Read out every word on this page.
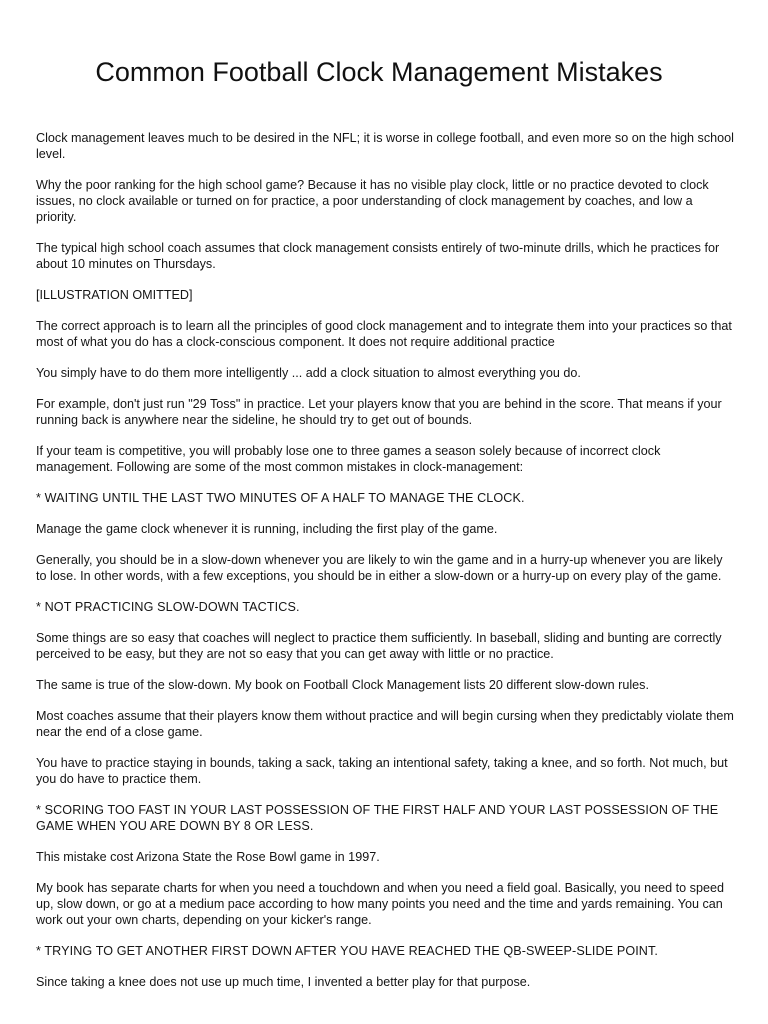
Common Football Clock Management Mistakes

Clock management leaves much to be desired in the NFL; it is worse in college football, and even more so on the high school level.

Why the poor ranking for the high school game? Because it has no visible play clock, little or no practice devoted to clock issues, no clock available or turned on for practice, a poor understanding of clock management by coaches, and low a priority.

The typical high school coach assumes that clock management consists entirely of two-minute drills, which he practices for about 10 minutes on Thursdays.

[ILLUSTRATION OMITTED]

The correct approach is to learn all the principles of good clock management and to integrate them into your practices so that most of what you do has a clock-conscious component. It does not require additional practice

You simply have to do them more intelligently ... add a clock situation to almost everything you do.

For example, don't just run "29 Toss" in practice. Let your players know that you are behind in the score. That means if your running back is anywhere near the sideline, he should try to get out of bounds.

If your team is competitive, you will probably lose one to three games a season solely because of incorrect clock management. Following are some of the most common mistakes in clock-management:

* WAITING UNTIL THE LAST TWO MINUTES OF A HALF TO MANAGE THE CLOCK.

Manage the game clock whenever it is running, including the first play of the game.

Generally, you should be in a slow-down whenever you are likely to win the game and in a hurry-up whenever you are likely to lose. In other words, with a few exceptions, you should be in either a slow-down or a hurry-up on every play of the game.

* NOT PRACTICING SLOW-DOWN TACTICS.

Some things are so easy that coaches will neglect to practice them sufficiently. In baseball, sliding and bunting are correctly perceived to be easy, but they are not so easy that you can get away with little or no practice.

The same is true of the slow-down. My book on Football Clock Management lists 20 different slow-down rules.

Most coaches assume that their players know them without practice and will begin cursing when they predictably violate them near the end of a close game.

You have to practice staying in bounds, taking a sack, taking an intentional safety, taking a knee, and so forth. Not much, but you do have to practice them.

* SCORING TOO FAST IN YOUR LAST POSSESSION OF THE FIRST HALF AND YOUR LAST POSSESSION OF THE GAME WHEN YOU ARE DOWN BY 8 OR LESS.

This mistake cost Arizona State the Rose Bowl game in 1997.

My book has separate charts for when you need a touchdown and when you need a field goal. Basically, you need to speed up, slow down, or go at a medium pace according to how many points you need and the time and yards remaining. You can work out your own charts, depending on your kicker's range.

* TRYING TO GET ANOTHER FIRST DOWN AFTER YOU HAVE REACHED THE QB-SWEEP-SLIDE POINT.

Since taking a knee does not use up much time, I invented a better play for that purpose.
